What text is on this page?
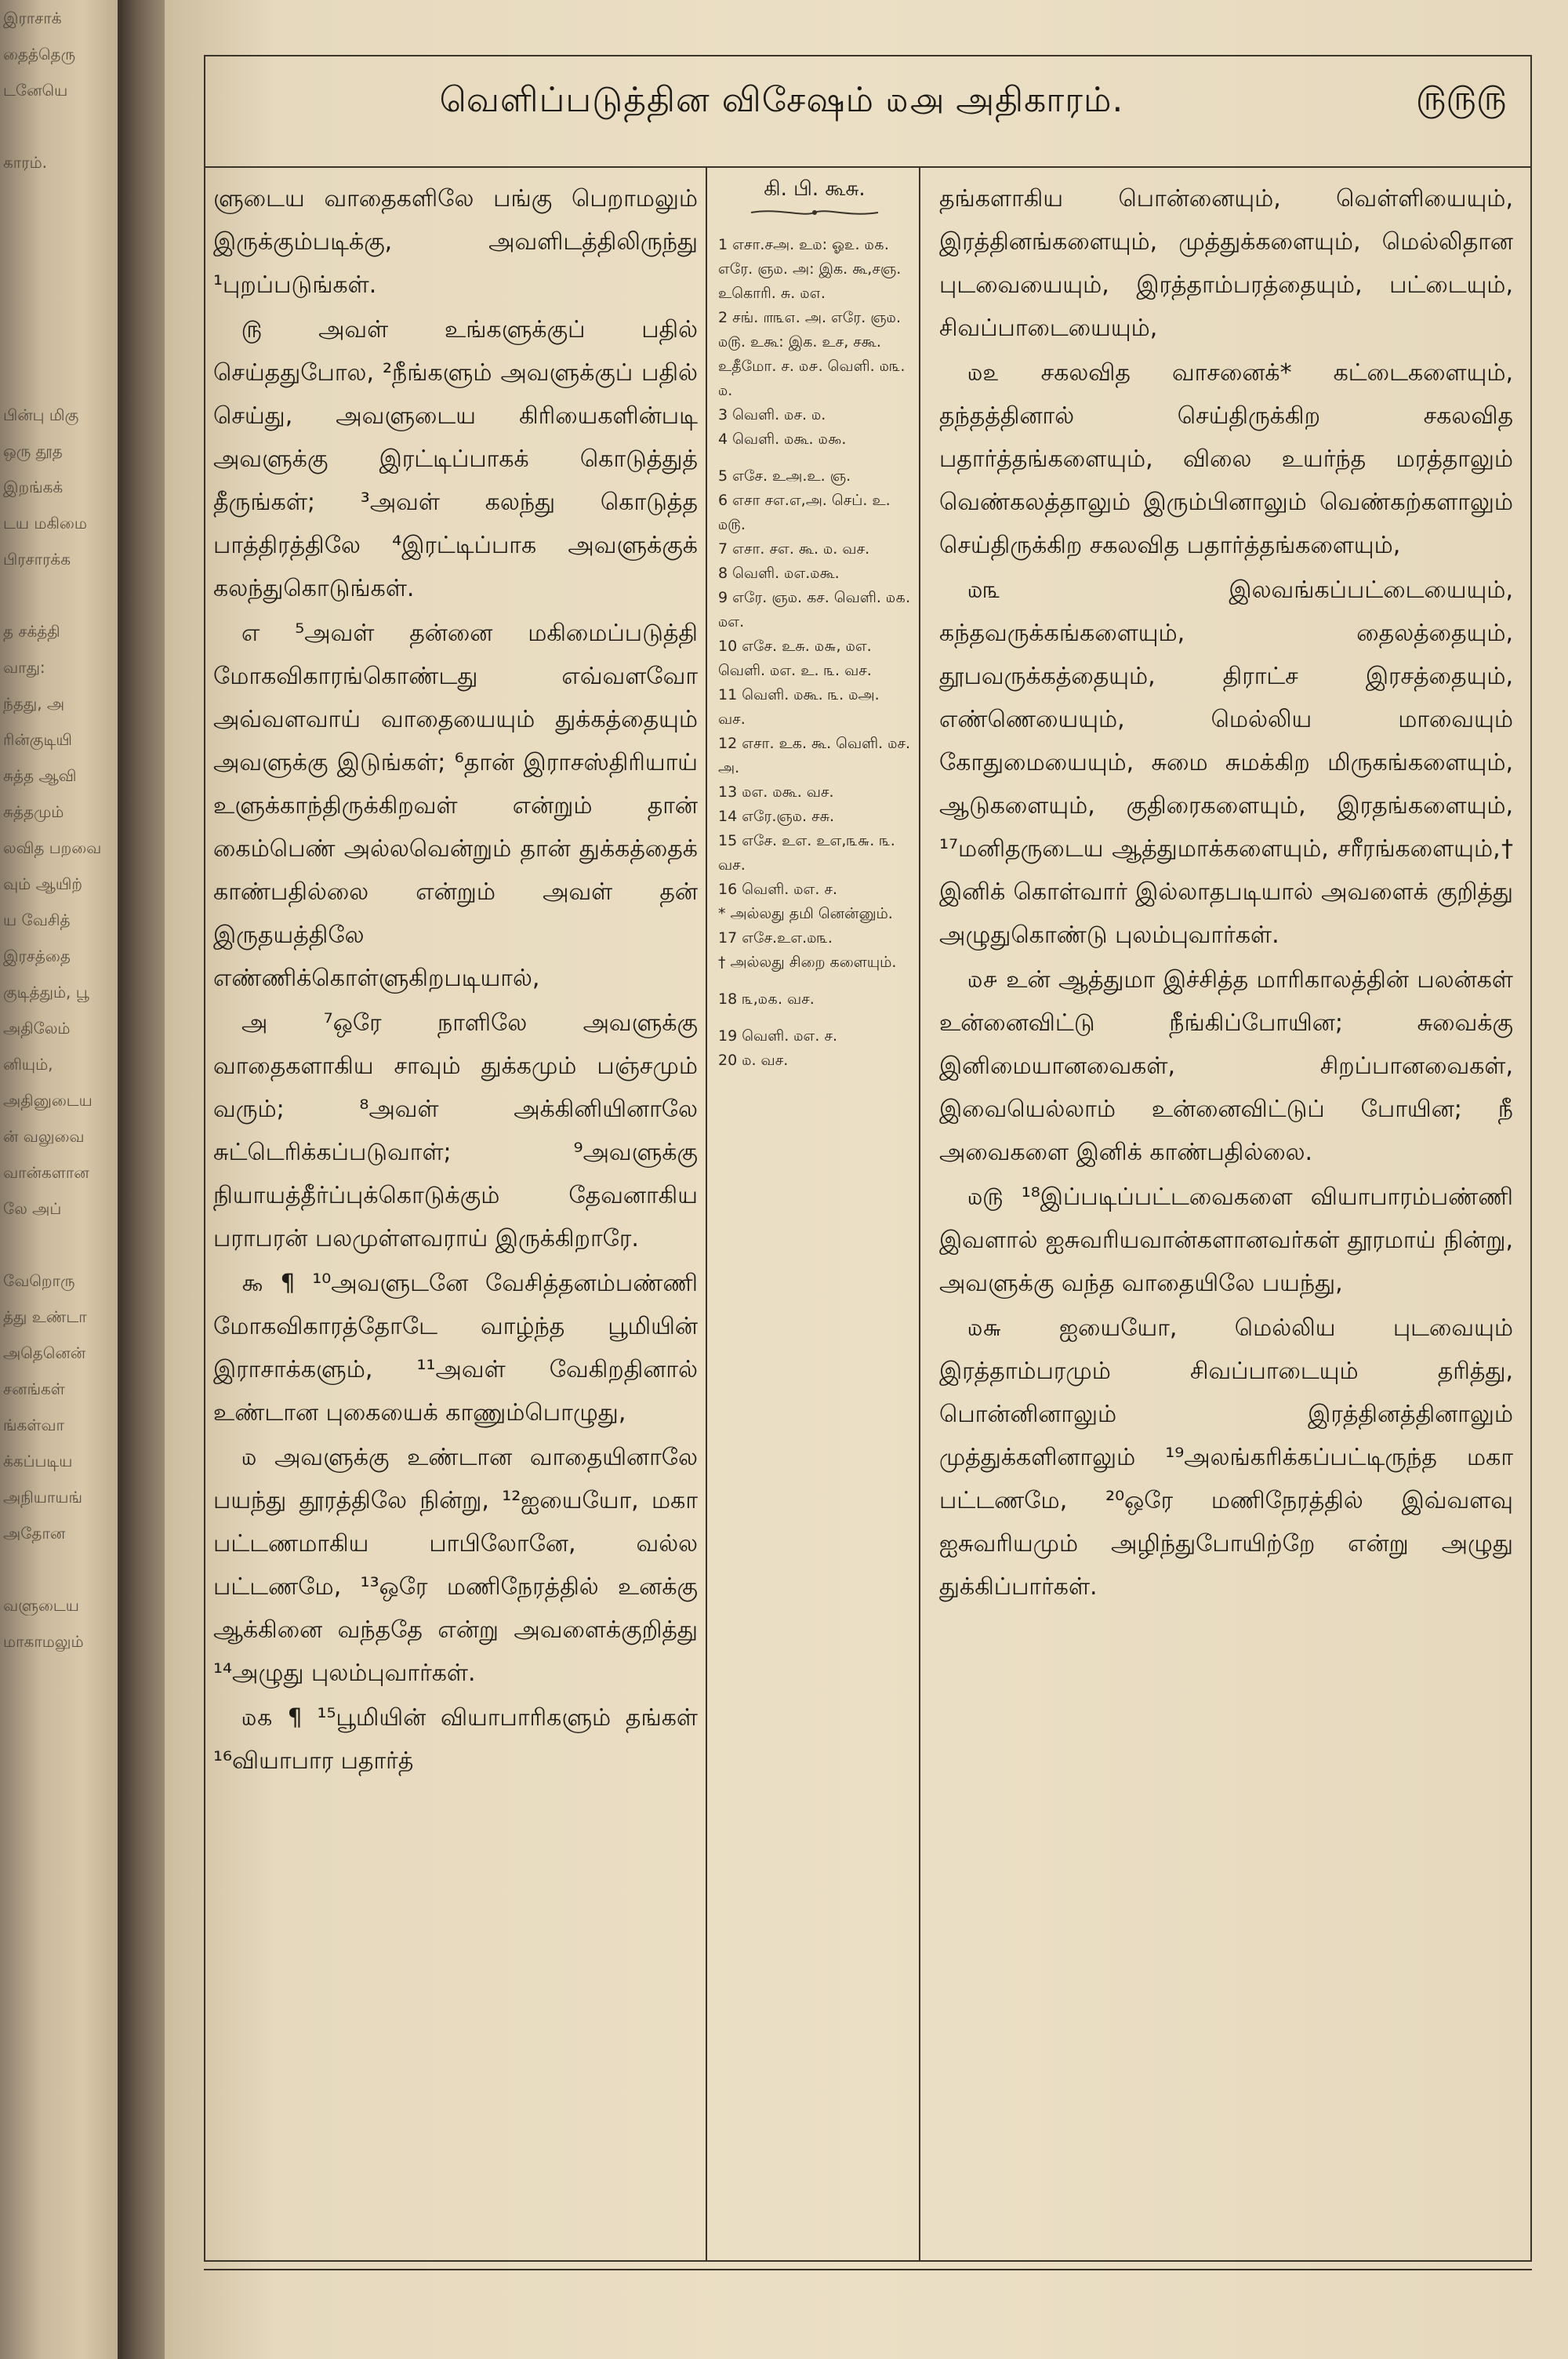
இராசாக்
தைத்தெரு
டனேயெ

காரம்.

பின்பு மிகு
ஒரு தூத
இறங்கக்
டய மகிமை
பிரசாரக்க

த சக்த்தி
வாது:
ந்தது, அ
ரின்குடியி
சுத்த ஆவி
சுத்தமும்
லவித பறவை
வும் ஆயிற்
ய வேசித்
இரசத்தை
குடித்தும், பூ
அதிலேம்
னியும்,
அதினுடைய
ன் வலுவை
வான்களான
லே அப்

வேறொரு
த்து உண்டா
அதெனென்
சனங்கள்
ங்கள்வா
க்கப்படிய
அநியாயங்
அதோன

வளுடைய
மாகாமலும்
வெளிப்படுத்தின விசேஷம் ௰௮ அதிகாரம்.	௫௫௫

ளுடைய வாதைகளிலே பங்கு பெறாமலும் இருக்கும்படிக்கு, அவளிடத்திலிருந்து ¹புறப்படுங்கள்.

௫ அவள் உங்களுக்குப் பதில் செய்ததுபோல, ²நீங்களும் அவளுக்குப் பதில் செய்து, அவளுடைய கிரியைகளின்படி அவளுக்கு இரட்டிப்பாகக் கொடுத்துத் தீருங்கள்; ³அவள் கலந்து கொடுத்த பாத்திரத்திலே ⁴இரட்டிப்பாக அவளுக்குக் கலந்துகொடுங்கள்.

எ ⁵அவள் தன்னை மகிமைப்படுத்தி மோகவிகாரங்கொண்டது எவ்வளவோ அவ்வளவாய் வாதையையும் துக்கத்தையும் அவளுக்கு இடுங்கள்; ⁶தான் இராசஸ்திரியாய் உளுக்காந்திருக்கிறவள் என்றும் தான் கைம்பெண் அல்லவென்றும் தான் துக்கத்தைக் காண்பதில்லை என்றும் அவள் தன் இருதயத்திலே எண்ணிக்கொள்ளுகிறபடியால்,

அ ⁷ஒரே நாளிலே அவளுக்கு வாதைகளாகிய சாவும் துக்கமும் பஞ்சமும் வரும்; ⁸அவள் அக்கினியினாலே சுட்டெரிக்கப்படுவாள்; ⁹அவளுக்கு நியாயத்தீர்ப்புக்கொடுக்கும் தேவனாகிய பராபரன் பலமுள்ளவராய் இருக்கிறாரே.

௯ ¶ ¹⁰அவளுடனே வேசித்தனம்பண்ணி மோகவிகாரத்தோடே வாழ்ந்த பூமியின் இராசாக்களும், ¹¹அவள் வேகிறதினால் உண்டான புகையைக் காணும்பொழுது,

௰ அவளுக்கு உண்டான வாதையினாலே பயந்து தூரத்திலே நின்று, ¹²ஐயையோ, மகா பட்டணமாகிய பாபிலோனே, வல்ல பட்டணமே, ¹³ஒரே மணிநேரத்தில் உனக்கு ஆக்கினை வந்ததே என்று அவளைக்குறித்து ¹⁴அழுது புலம்புவார்கள்.

௰௧ ¶ ¹⁵பூமியின் வியாபாரிகளும் தங்கள் ¹⁶வியாபார பதார்த்

கி. பி. கூசு.
1 எசா.சஅ. உ௰: ஓ௨. ௰௧. எரே. ஞ௰. அ: இக. கூ,சஞ. உகொரி. சு. ௰௭.
2 சங். ௱௩௭. அ. எரே. ஞ௰. ௰௫. உகூ: இக. உச, சகூ. உதீமோ. ச. ௰௪. வெளி. ௰௩. ௰.
3 வெளி. ௰ச. ௰.
4 வெளி. ௰கூ. ௰௯.
5 எசே. உஅ.உ. ஞ.
6 எசா சஎ.எ,அ. செப். உ. ௰௫.
7 எசா. சஎ. கூ. ௰. வச.
8 வெளி. ௰எ.௰கூ.
9 எரே. ஞ௰. கச. வெளி. ௰௧. ௰எ.
10 எசே. உசு. ௰௬, ௰எ. வெளி. ௰எ. உ. ௩. வச.
11 வெளி. ௰கூ. ௩. ௰அ. வச.
12 எசா. உக. கூ. வெளி. ௰ச. அ.
13 ௰எ. ௰கூ. வச.
14 எரே.ஞ௰. சசு.
15 எசே. உஎ. உஎ,௩௬. ௩. வச.
16 வெளி. ௰எ. ச.
* அல்லது தமி னென்னும்.
17 எசே.உஎ.௰௩.
† அல்லது சிறை களையும்.
18 ௩,௰௧. வச.
19 வெளி. ௰எ. ச.
20 ௰. வச.

தங்களாகிய பொன்னையும், வெள்ளியையும், இரத்தினங்களையும், முத்துக்களையும், மெல்லிதான புடவையையும், இரத்தாம்பரத்தையும், பட்டையும், சிவப்பாடையையும்,

௰௨ சகலவித வாசனைக்* கட்டைகளையும், தந்தத்தினால் செய்திருக்கிற சகலவித பதார்த்தங்களையும், விலை உயர்ந்த மரத்தாலும் வெண்கலத்தாலும் இரும்பினாலும் வெண்கற்களாலும் செய்திருக்கிற சகலவித பதார்த்தங்களையும்,

௰௩ இலவங்கப்பட்டையையும், கந்தவருக்கங்களையும், தைலத்தையும், தூபவருக்கத்தையும், திராட்ச இரசத்தையும், எண்ணெயையும், மெல்லிய மாவையும் கோதுமையையும், சுமை சுமக்கிற மிருகங்களையும், ஆடுகளையும், குதிரைகளையும், இரதங்களையும், ¹⁷மனிதருடைய ஆத்துமாக்களையும், சரீரங்களையும்,† இனிக் கொள்வார் இல்லாதபடியால் அவளைக் குறித்து அழுதுகொண்டு புலம்புவார்கள்.

௰௪ உன் ஆத்துமா இச்சித்த மாரிகாலத்தின் பலன்கள் உன்னைவிட்டு நீங்கிப்போயின; சுவைக்கு இனிமையானவைகள், சிறப்பானவைகள், இவையெல்லாம் உன்னைவிட்டுப் போயின; நீ அவைகளை இனிக் காண்பதில்லை.

௰௫ ¹⁸இப்படிப்பட்டவைகளை வியாபாரம்பண்ணி இவளால் ஐசுவரியவான்களானவர்கள் தூரமாய் நின்று, அவளுக்கு வந்த வாதையிலே பயந்து,

௰௬ ஐயையோ, மெல்லிய புடவையும் இரத்தாம்பரமும் சிவப்பாடையும் தரித்து, பொன்னினாலும் இரத்தினத்தினாலும் முத்துக்களினாலும் ¹⁹அலங்கரிக்கப்பட்டிருந்த மகா பட்டணமே, ²⁰ஒரே மணிநேரத்தில் இவ்வளவு ஐசுவரியமும் அழிந்துபோயிற்றே என்று அழுது துக்கிப்பார்கள்.
